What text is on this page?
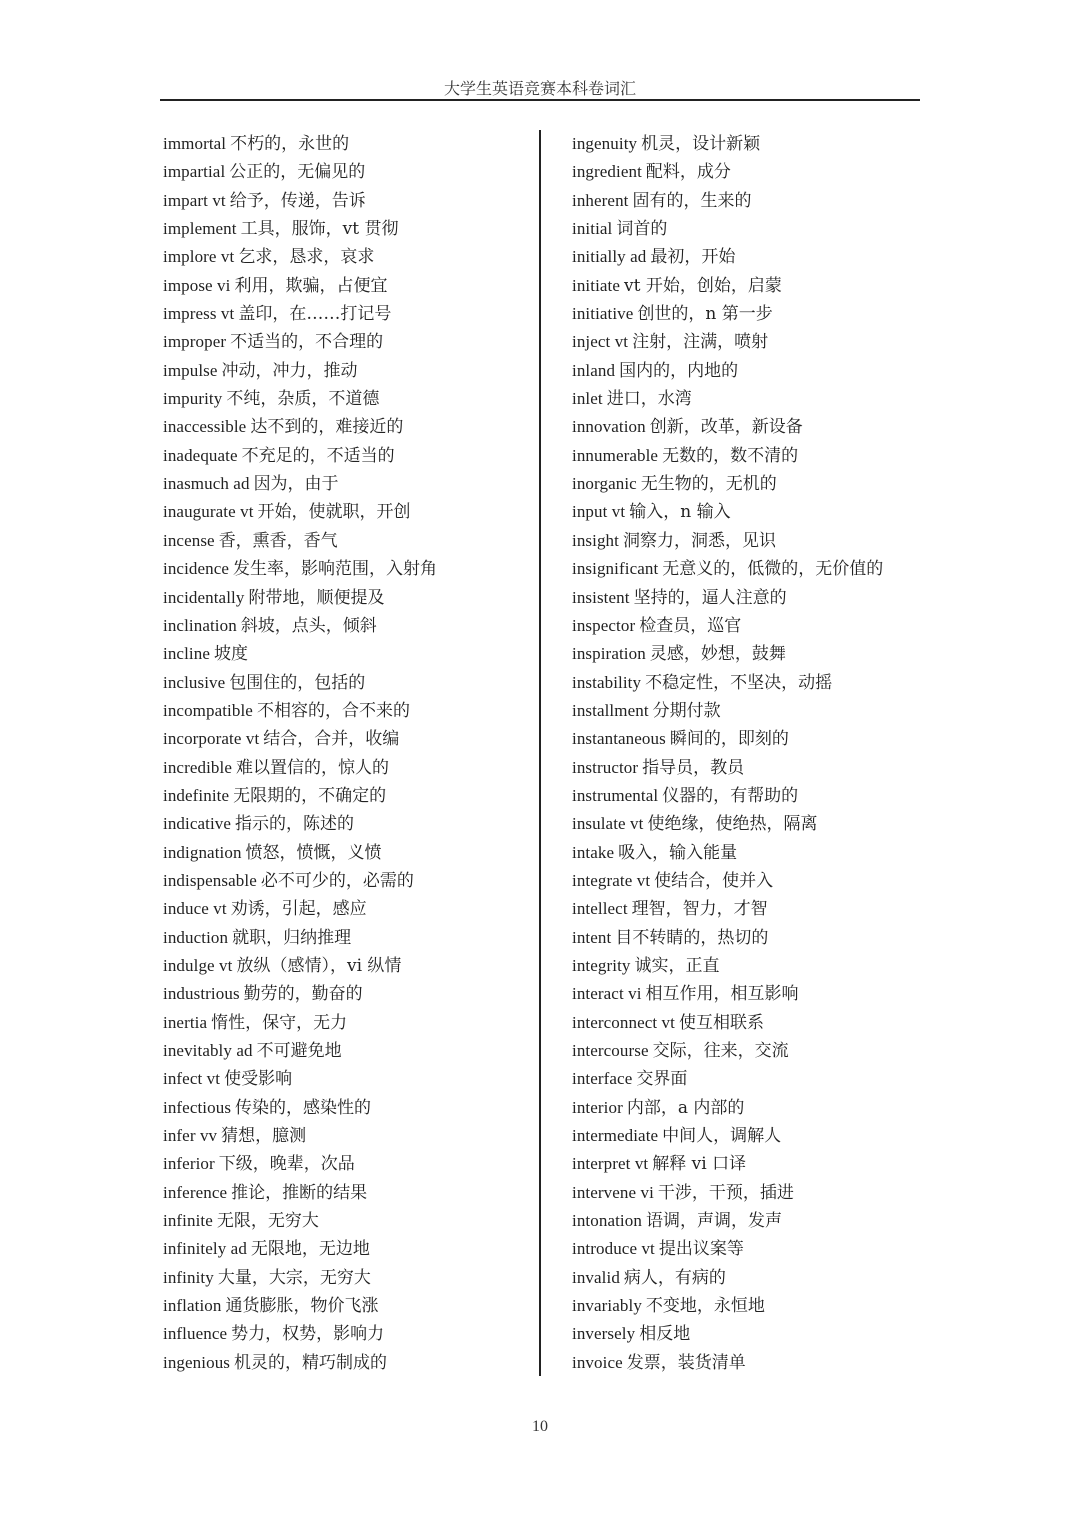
大学生英语竞赛本科卷词汇
immortal 不朽的，永世的
impartial 公正的，无偏见的
impart vt 给予，传递，告诉
implement 工具，服饰，vt 贯彻
implore vt 乞求，恳求，哀求
impose vi 利用，欺骗，占便宜
impress vt 盖印，在……打记号
improper 不适当的，不合理的
impulse 冲动，冲力，推动
impurity 不纯，杂质，不道德
inaccessible 达不到的，难接近的
inadequate 不充足的，不适当的
inasmuch ad 因为，由于
inaugurate vt 开始，使就职，开创
incense 香，熏香，香气
incidence 发生率，影响范围，入射角
incidentally 附带地，顺便提及
inclination 斜坡，点头，倾斜
incline 坡度
inclusive 包围住的，包括的
incompatible 不相容的，合不来的
incorporate vt 结合，合并，收编
incredible 难以置信的，惊人的
indefinite 无限期的，不确定的
indicative 指示的，陈述的
indignation 愤怒，愤慨，义愤
indispensable 必不可少的，必需的
induce vt 劝诱，引起，感应
induction 就职，归纳推理
indulge vt 放纵（感情），vi 纵情
industrious 勤劳的，勤奋的
inertia 惰性，保守，无力
inevitably ad 不可避免地
infect vt 使受影响
infectious 传染的，感染性的
infer vv 猜想，臆测
inferior 下级，晚辈，次品
inference 推论，推断的结果
infinite 无限，无穷大
infinitely ad 无限地，无边地
infinity 大量，大宗，无穷大
inflation 通货膨胀，物价飞涨
influence 势力，权势，影响力
ingenious 机灵的，精巧制成的
ingenuity 机灵，设计新颖
ingredient 配料，成分
inherent 固有的，生来的
initial 词首的
initially ad 最初，开始
initiate vt 开始，创始，启蒙
initiative 创世的，n 第一步
inject vt 注射，注满，喷射
inland 国内的，内地的
inlet 进口，水湾
innovation 创新，改革，新设备
innumerable 无数的，数不清的
inorganic 无生物的，无机的
input vt 输入，n 输入
insight 洞察力，洞悉，见识
insignificant 无意义的，低微的，无价值的
insistent 坚持的，逼人注意的
inspector 检查员，巡官
inspiration 灵感，妙想，鼓舞
instability 不稳定性，不坚决，动摇
installment 分期付款
instantaneous 瞬间的，即刻的
instructor 指导员，教员
instrumental 仪器的，有帮助的
insulate vt 使绝缘，使绝热，隔离
intake 吸入，输入能量
integrate vt 使结合，使并入
intellect 理智，智力，才智
intent 目不转睛的，热切的
integrity 诚实，正直
interact vi 相互作用，相互影响
interconnect vt 使互相联系
intercourse 交际，往来，交流
interface 交界面
interior 内部，a 内部的
intermediate 中间人，调解人
interpret vt 解释 vi 口译
intervene vi 干涉，干预，插进
intonation 语调，声调，发声
introduce vt 提出议案等
invalid 病人，有病的
invariably 不变地，永恒地
inversely 相反地
invoice 发票，装货清单
10
